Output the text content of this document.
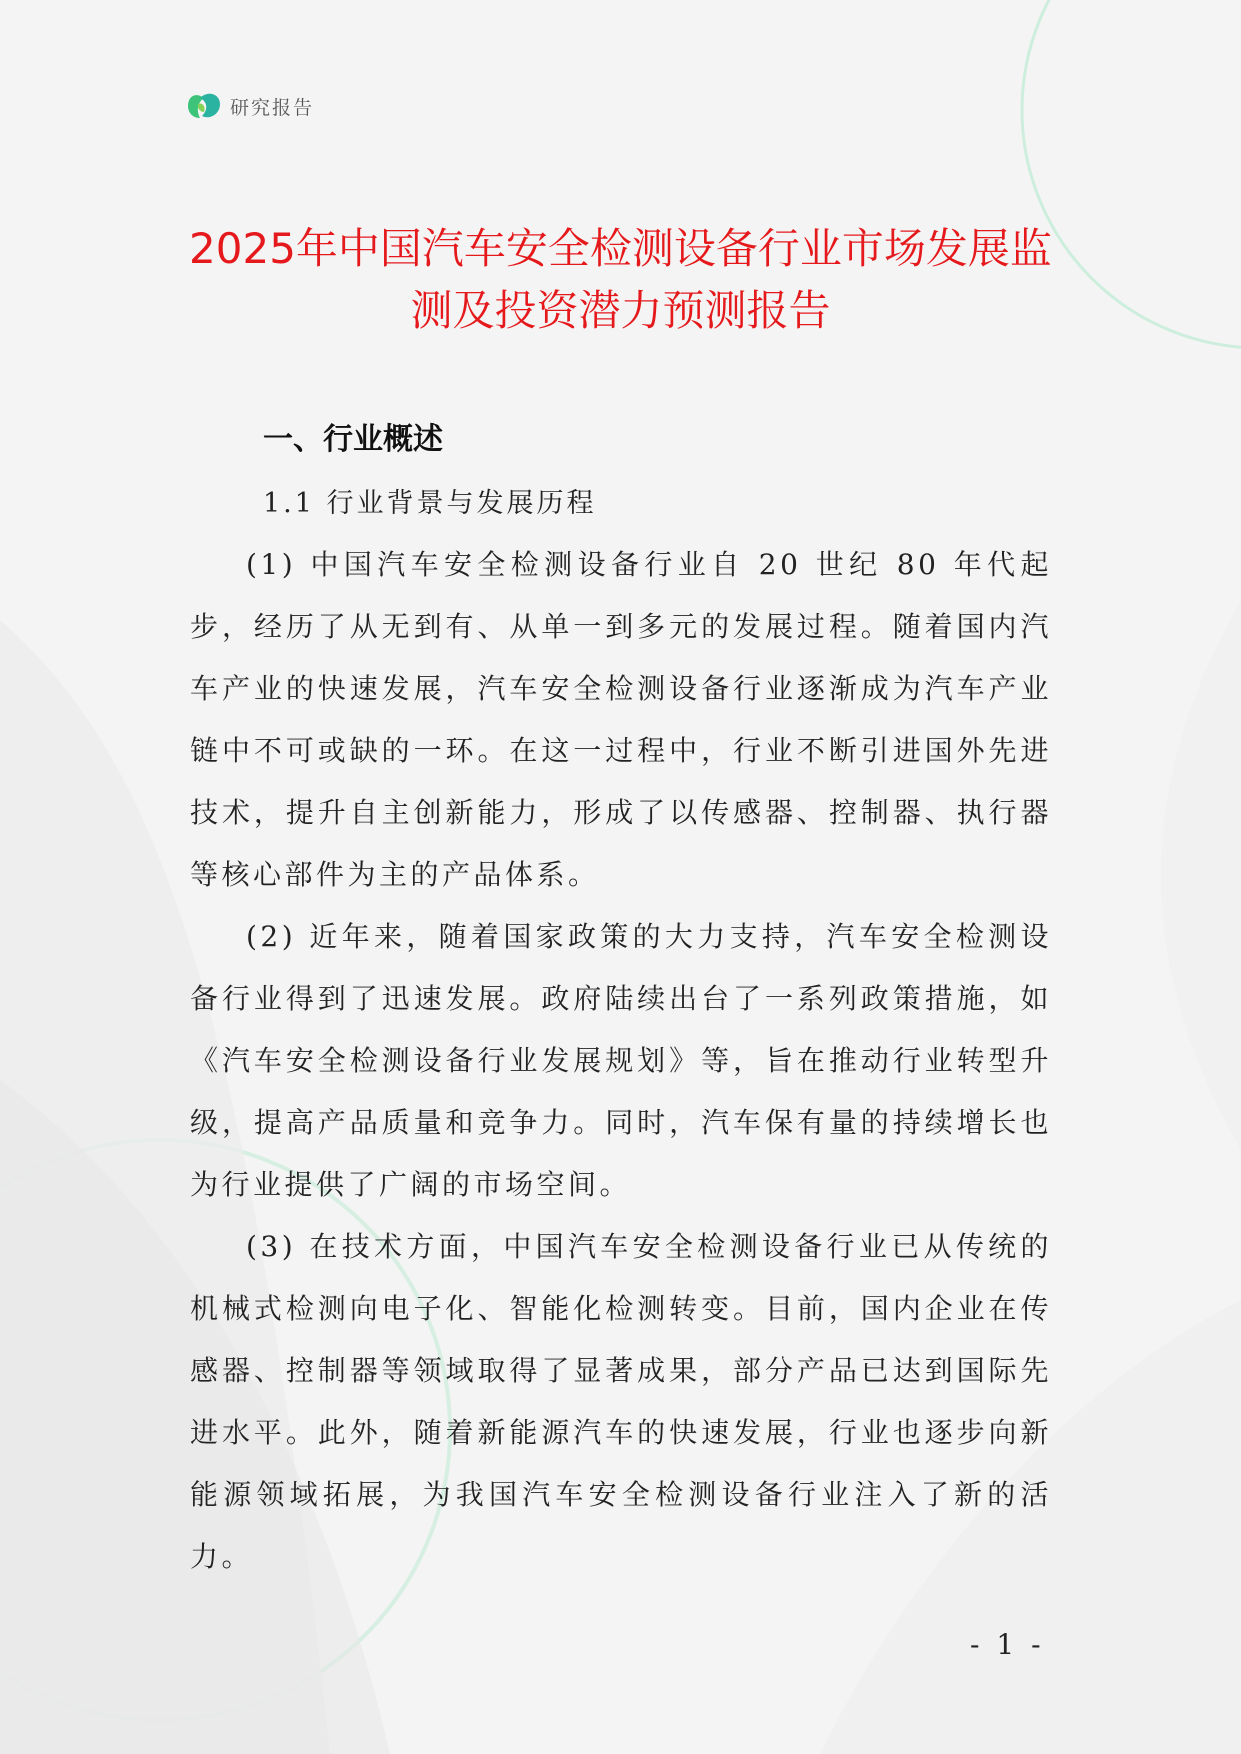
研究报告
2025年中国汽车安全检测设备行业市场发展监测及投资潜力预测报告
一、行业概述
1.1 行业背景与发展历程

(1) 中国汽车安全检测设备行业自 20 世纪 80 年代起步，经历了从无到有、从单一到多元的发展过程。随着国内汽车产业的快速发展，汽车安全检测设备行业逐渐成为汽车产业链中不可或缺的一环。在这一过程中，行业不断引进国外先进技术，提升自主创新能力，形成了以传感器、控制器、执行器等核心部件为主的产品体系。

(2) 近年来，随着国家政策的大力支持，汽车安全检测设备行业得到了迅速发展。政府陆续出台了一系列政策措施，如《汽车安全检测设备行业发展规划》等，旨在推动行业转型升级，提高产品质量和竞争力。同时，汽车保有量的持续增长也为行业提供了广阔的市场空间。

(3) 在技术方面，中国汽车安全检测设备行业已从传统的机械式检测向电子化、智能化检测转变。目前，国内企业在传感器、控制器等领域取得了显著成果，部分产品已达到国际先进水平。此外，随着新能源汽车的快速发展，行业也逐步向新能源领域拓展，为我国汽车安全检测设备行业注入了新的活力。

- 1 -
